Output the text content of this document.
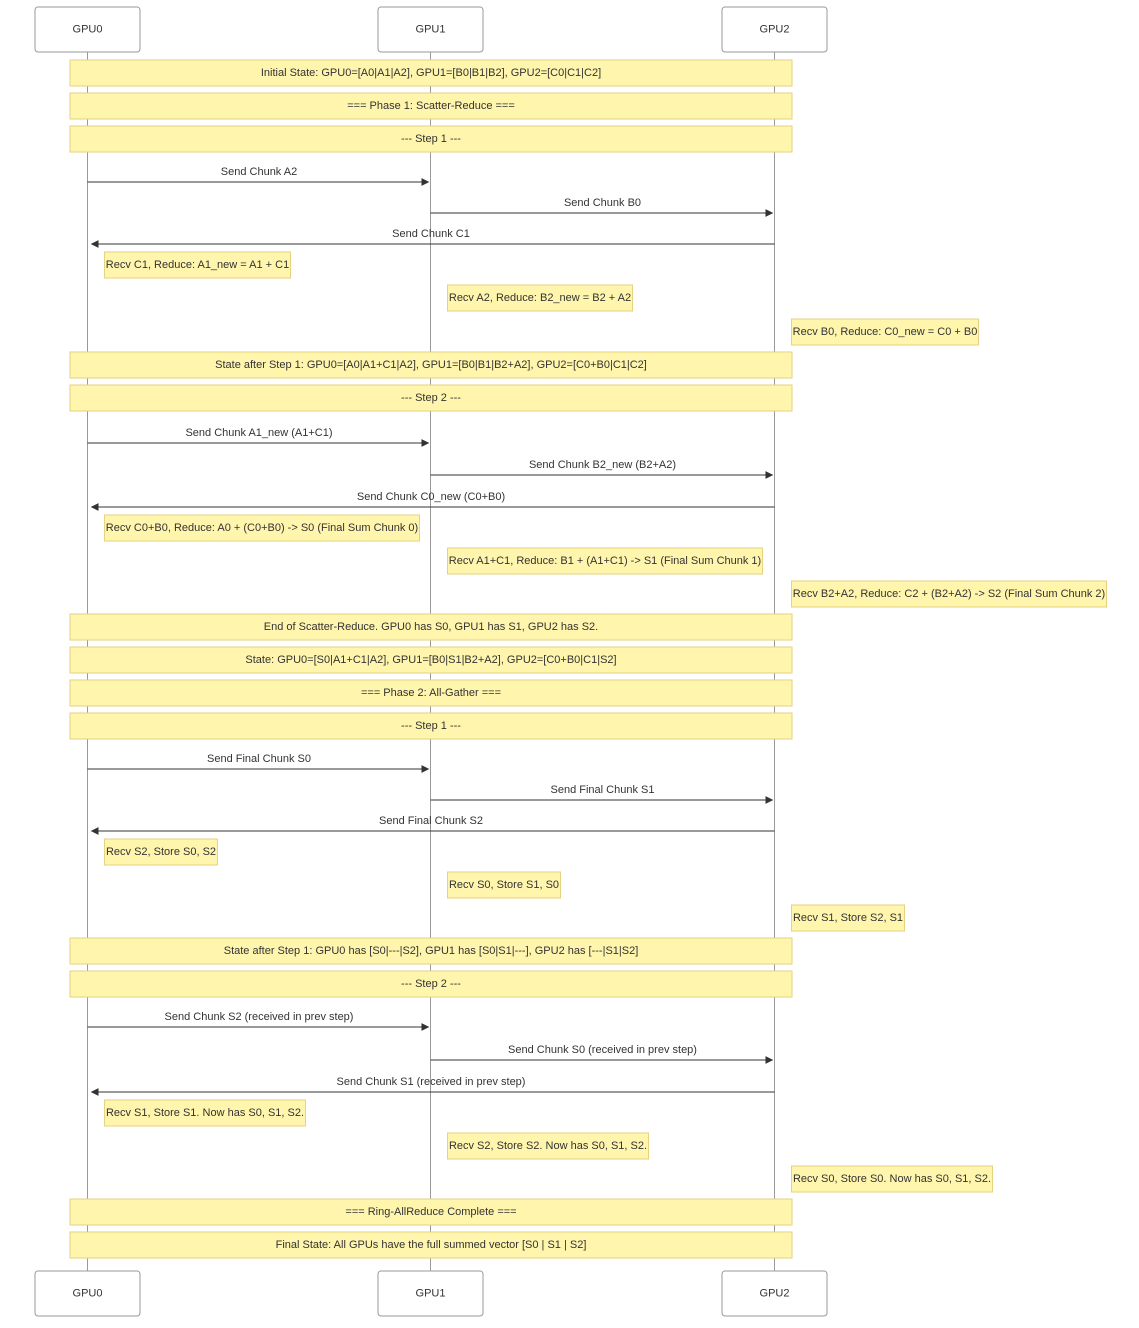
Initial State: GPU0=[A0|A1|A2], GPU1=[B0|B1|B2], GPU2=[C0|C1|C2]
=== Phase 1: Scatter-Reduce ===
--- Step 1 ---
Send Chunk A2
Send Chunk B0
Send Chunk C1
Recv C1, Reduce: A1_new = A1 + C1
Recv A2, Reduce: B2_new = B2 + A2
Recv B0, Reduce: C0_new = C0 + B0
State after Step 1: GPU0=[A0|A1+C1|A2], GPU1=[B0|B1|B2+A2], GPU2=[C0+B0|C1|C2]
--- Step 2 ---
Send Chunk A1_new (A1+C1)
Send Chunk B2_new (B2+A2)
Send Chunk C0_new (C0+B0)
Recv C0+B0, Reduce: A0 + (C0+B0) -> S0 (Final Sum Chunk 0)
Recv A1+C1, Reduce: B1 + (A1+C1) -> S1 (Final Sum Chunk 1)
Recv B2+A2, Reduce: C2 + (B2+A2) -> S2 (Final Sum Chunk 2)
End of Scatter-Reduce. GPU0 has S0, GPU1 has S1, GPU2 has S2.
State: GPU0=[S0|A1+C1|A2], GPU1=[B0|S1|B2+A2], GPU2=[C0+B0|C1|S2]
=== Phase 2: All-Gather ===
--- Step 1 ---
Send Final Chunk S0
Send Final Chunk S1
Send Final Chunk S2
Recv S2, Store S0, S2
Recv S0, Store S1, S0
Recv S1, Store S2, S1
State after Step 1: GPU0 has [S0|---|S2], GPU1 has [S0|S1|---], GPU2 has [---|S1|S2]
--- Step 2 ---
Send Chunk S2 (received in prev step)
Send Chunk S0 (received in prev step)
Send Chunk S1 (received in prev step)
Recv S1, Store S1. Now has S0, S1, S2.
Recv S2, Store S2. Now has S0, S1, S2.
Recv S0, Store S0. Now has S0, S1, S2.
=== Ring-AllReduce Complete ===
Final State: All GPUs have the full summed vector [S0 | S1 | S2]
GPU0
GPU0
GPU1
GPU1
GPU2
GPU2
